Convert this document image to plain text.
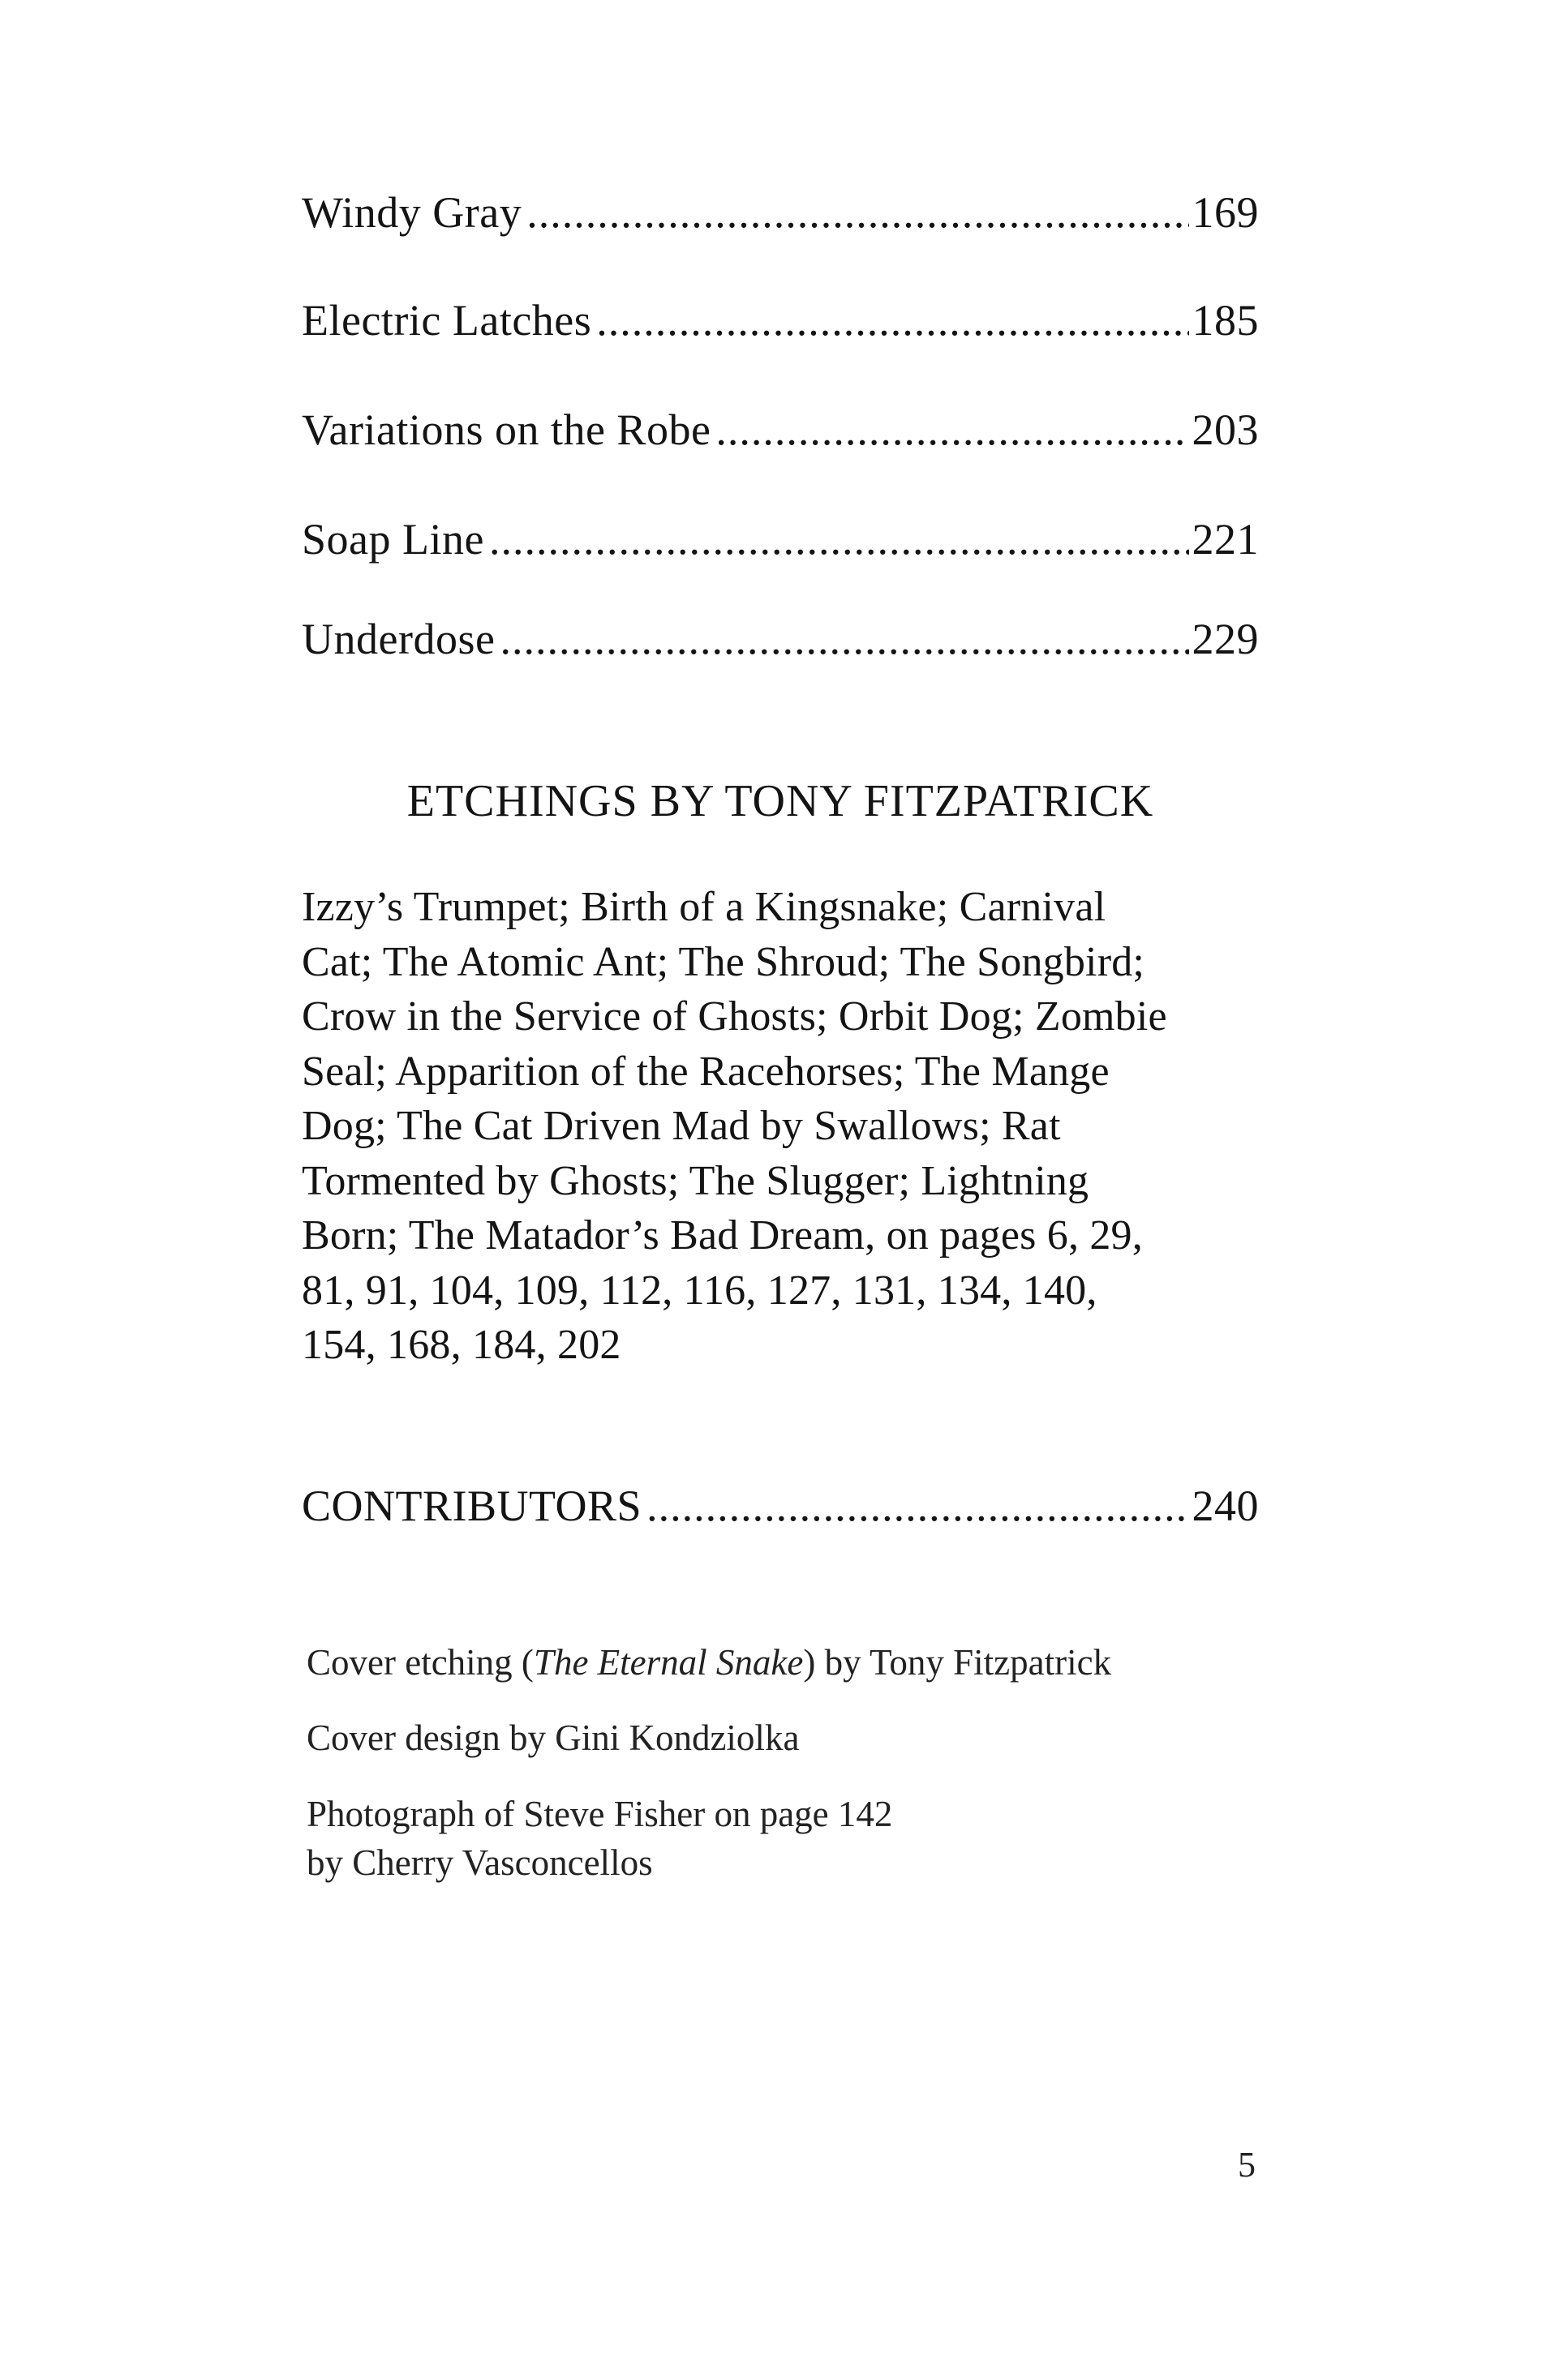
Windy Gray .....	169
Electric Latches .....	185
Variations on the Robe .....	203
Soap Line .....	221
Underdose .....	229
ETCHINGS BY TONY FITZPATRICK
Izzy’s Trumpet; Birth of a Kingsnake; Carnival
Cat; The Atomic Ant; The Shroud; The Songbird;
Crow in the Service of Ghosts; Orbit Dog; Zombie
Seal; Apparition of the Racehorses; The Mange
Dog; The Cat Driven Mad by Swallows; Rat
Tormented by Ghosts; The Slugger; Lightning
Born; The Matador’s Bad Dream, on pages 6, 29,
81, 91, 104, 109, 112, 116, 127, 131, 134, 140,
154, 168, 184, 202
CONTRIBUTORS .....	240
Cover etching (The Eternal Snake) by Tony Fitzpatrick
Cover design by Gini Kondziolka
Photograph of Steve Fisher on page 142
by Cherry Vasconcellos
5
